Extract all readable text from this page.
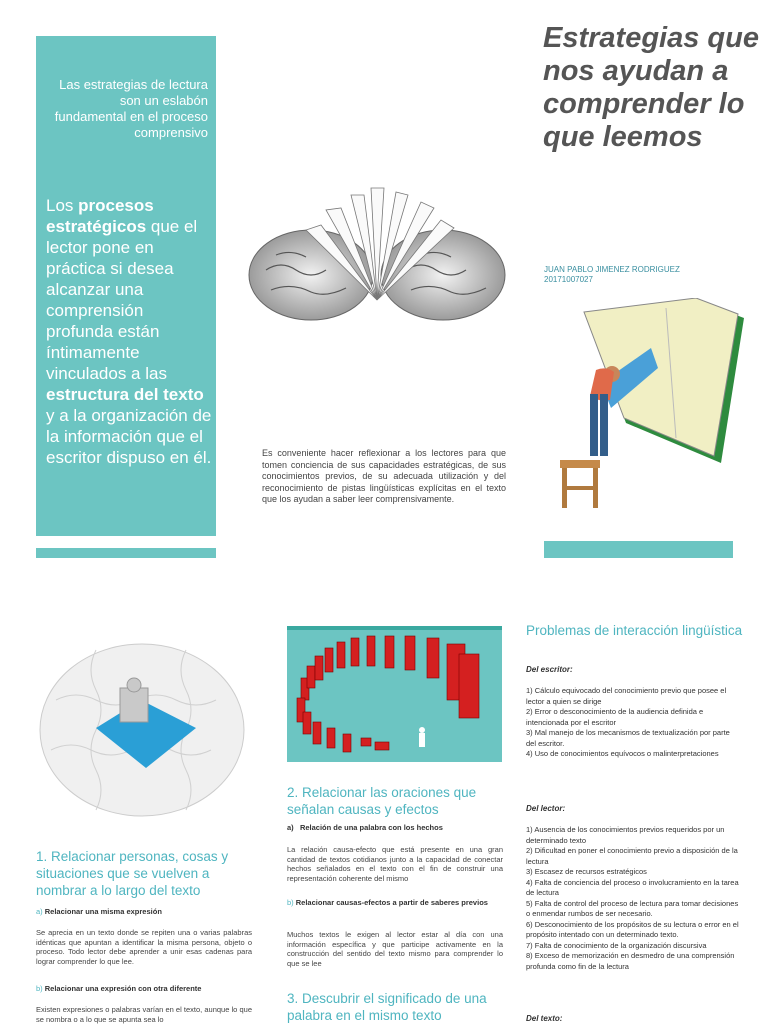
Las estrategias de lectura son un eslabón fundamental en el proceso comprensivo
Los procesos estratégicos que el lector pone en práctica si desea alcanzar una comprensión profunda están íntimamente vinculados a las estructura del texto y a la organización de la información que el escritor dispuso en él.
Estrategias que nos ayudan a comprender lo que leemos
JUAN PABLO JIMENEZ RODRIGUEZ
20171007027
Es conveniente hacer reflexionar a los lectores para que tomen conciencia de sus capacidades estratégicas, de sus conocimientos previos, de su adecuada utilización y del reconocimiento de pistas lingüísticas explícitas en el texto que los ayudan a saber leer comprensivamente.
1. Relacionar personas, cosas y situaciones que se vuelven a nombrar a lo largo del texto
a) Relacionar una misma expresión
Se aprecia en un texto donde se repiten una o varias palabras idénticas que apuntan a identificar la misma persona, objeto o proceso. Todo lector debe aprender a unir esas cadenas para lograr comprender lo que lee.
b) Relacionar una expresión con otra diferente
Existen expresiones o palabras varían en el texto, aunque lo que se nombra o a lo que se apunta sea lo
2. Relacionar las oraciones que señalan causas y efectos
a) Relación de una palabra con los hechos
La relación causa-efecto que está presente en una gran cantidad de textos cotidianos junto a la capacidad de conectar hechos señalados en el texto con el fin de construir una representación coherente del mismo
b) Relacionar causas-efectos a partir de saberes previos
Muchos textos le exigen al lector estar al día con una información específica y que participe activamente en la construcción del sentido del texto mismo para comprender lo que se lee
3. Descubrir el significado de una palabra en el mismo texto
Problemas de interacción lingüística
Del escritor:
1) Cálculo equivocado del conocimiento previo que posee el lector a quien se dirige
2) Error o desconocimiento de la audiencia definida e intencionada por el escritor
3) Mal manejo de los mecanismos de textualización por parte del escritor.
4) Uso de conocimientos equívocos o malinterpretaciones
Del lector:
1) Ausencia de los conocimientos previos requeridos por un determinado texto
2) Dificultad en poner el conocimiento previo a disposición de la lectura
3) Escasez de recursos estratégicos
4) Falta de conciencia del proceso o involucramiento en la tarea de lectura
5) Falta de control del proceso de lectura para tomar decisiones o enmendar rumbos de ser necesario.
6) Desconocimiento de los propósitos de su lectura o error en el propósito intentado con un determinado texto.
7) Falta de conocimiento de la organización discursiva
8) Exceso de memorización en desmedro de una comprensión profunda como fin de la lectura
Del texto:
